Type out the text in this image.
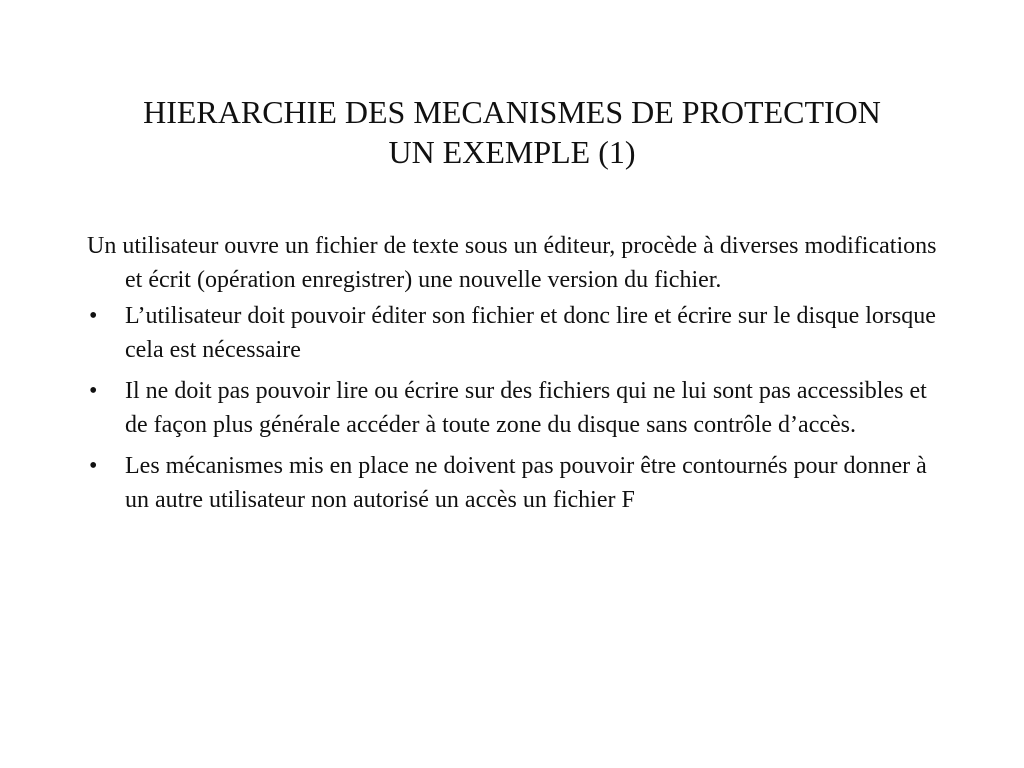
HIERARCHIE DES MECANISMES DE PROTECTION
UN EXEMPLE (1)

Un utilisateur ouvre un fichier de texte sous un éditeur, procède à diverses modifications et écrit (opération enregistrer) une nouvelle version du fichier.

•	L’utilisateur doit pouvoir éditer son fichier et donc lire et écrire sur le disque lorsque cela est nécessaire
•	Il ne doit pas pouvoir lire ou écrire sur des fichiers qui ne lui sont pas accessibles et de façon plus générale accéder à toute zone du disque sans contrôle d’accès.
•	Les mécanismes mis en place ne doivent pas pouvoir être contournés pour donner à un autre utilisateur non autorisé un accès un fichier F
